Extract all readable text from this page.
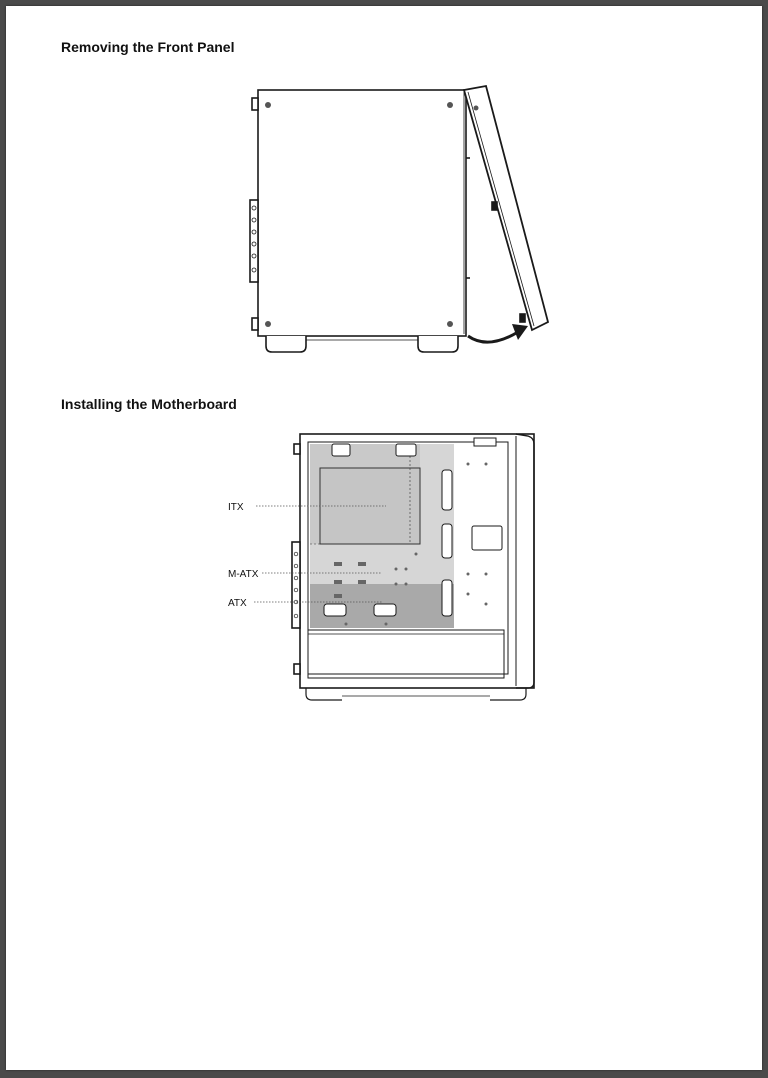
Removing the Front Panel
Installing the Motherboard
ITX
M-ATX
ATX
